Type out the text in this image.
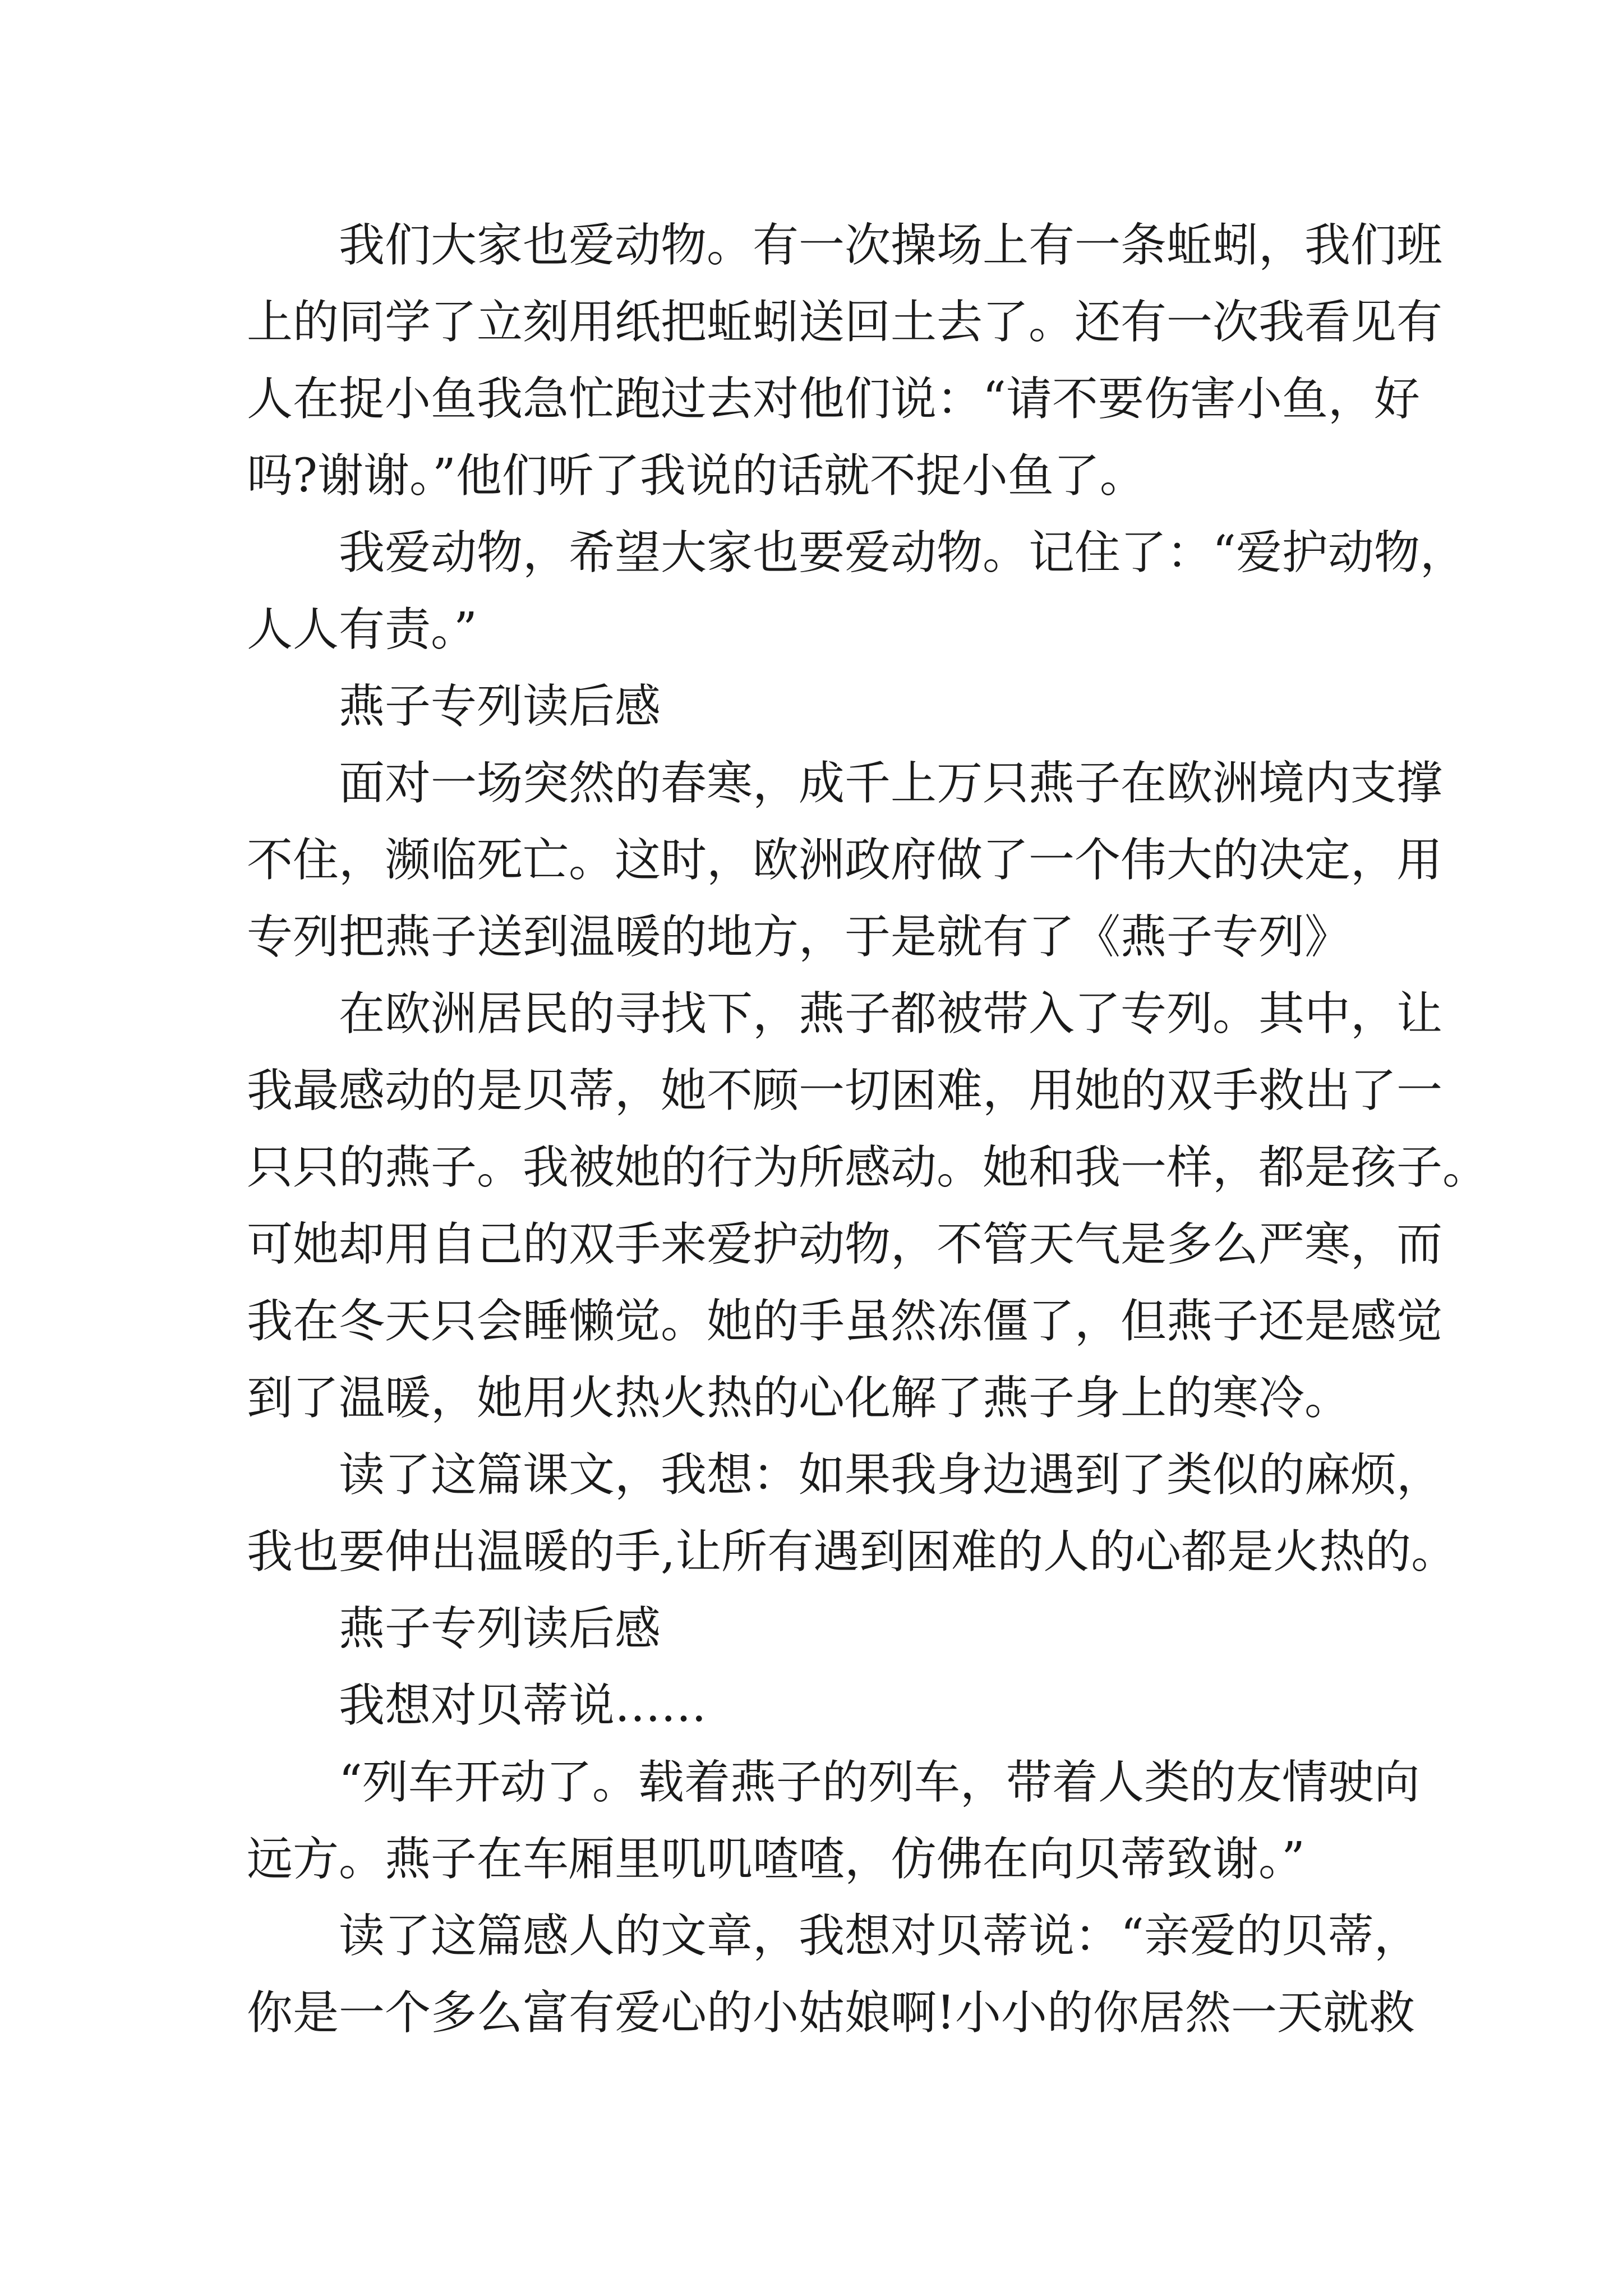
我们大家也爱动物。有一次操场上有一条蚯蚓，我们班
上的同学了立刻用纸把蚯蚓送回土去了。还有一次我看见有
人在捉小鱼我急忙跑过去对他们说：“请不要伤害小鱼，好
吗?谢谢。”他们听了我说的话就不捉小鱼了。
我爱动物，希望大家也要爱动物。记住了：“爱护动物，
人人有责。”
燕子专列读后感
面对一场突然的春寒，成千上万只燕子在欧洲境内支撑
不住，濒临死亡。这时，欧洲政府做了一个伟大的决定，用
专列把燕子送到温暖的地方，于是就有了《燕子专列》
在欧洲居民的寻找下，燕子都被带入了专列。其中，让
我最感动的是贝蒂，她不顾一切困难，用她的双手救出了一
只只的燕子。我被她的行为所感动。她和我一样，都是孩子。
可她却用自己的双手来爱护动物，不管天气是多么严寒，而
我在冬天只会睡懒觉。她的手虽然冻僵了，但燕子还是感觉
到了温暖，她用火热火热的心化解了燕子身上的寒冷。
读了这篇课文，我想：如果我身边遇到了类似的麻烦，
我也要伸出温暖的手,让所有遇到困难的人的心都是火热的。
燕子专列读后感
我想对贝蒂说……
“列车开动了。载着燕子的列车，带着人类的友情驶向
远方。燕子在车厢里叽叽喳喳，仿佛在向贝蒂致谢。”
读了这篇感人的文章，我想对贝蒂说：“亲爱的贝蒂，
你是一个多么富有爱心的小姑娘啊!小小的你居然一天就救
